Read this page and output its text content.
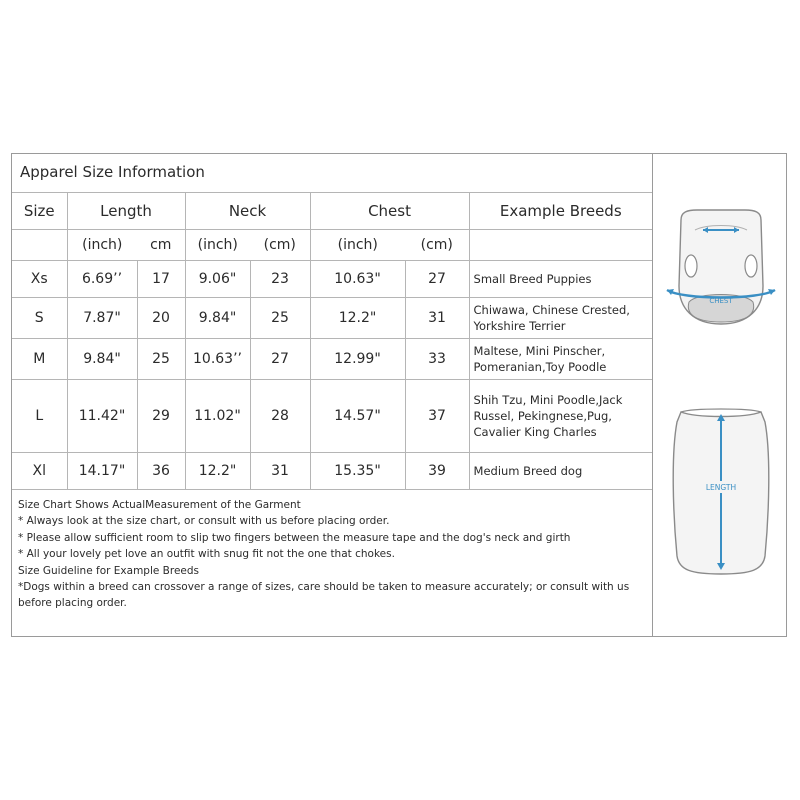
Apparel Size Information
Size	Length		Neck		Chest		Example Breeds
	(inch)	cm	(inch)	(cm)	(inch)	(cm)	
Xs	6.69’’	17	9.06"	23	10.63"	27	Small Breed Puppies
S	7.87"	20	9.84"	25	12.2"	31	Chiwawa, Chinese Crested, Yorkshire Terrier
M	9.84"	25	10.63’’	27	12.99"	33	Maltese, Mini Pinscher, Pomeranian,Toy Poodle
L	11.42"	29	11.02"	28	14.57"	37	Shih Tzu, Mini Poodle,Jack Russel, Pekingnese,Pug, Cavalier King Charles
Xl	14.17"	36	12.2"	31	15.35"	39	Medium Breed dog
Size Chart Shows ActualMeasurement of the Garment
* Always look at the size chart, or consult with us before placing order.
* Please allow sufficient room to slip two fingers between the measure tape and the dog's neck and girth
* All your lovely pet love an outfit with snug fit not the one that chokes.
Size Guideline for Example Breeds
*Dogs within a breed can crossover a range of sizes, care should be taken to measure accurately; or consult with us before placing order.
CHEST
LENGTH
